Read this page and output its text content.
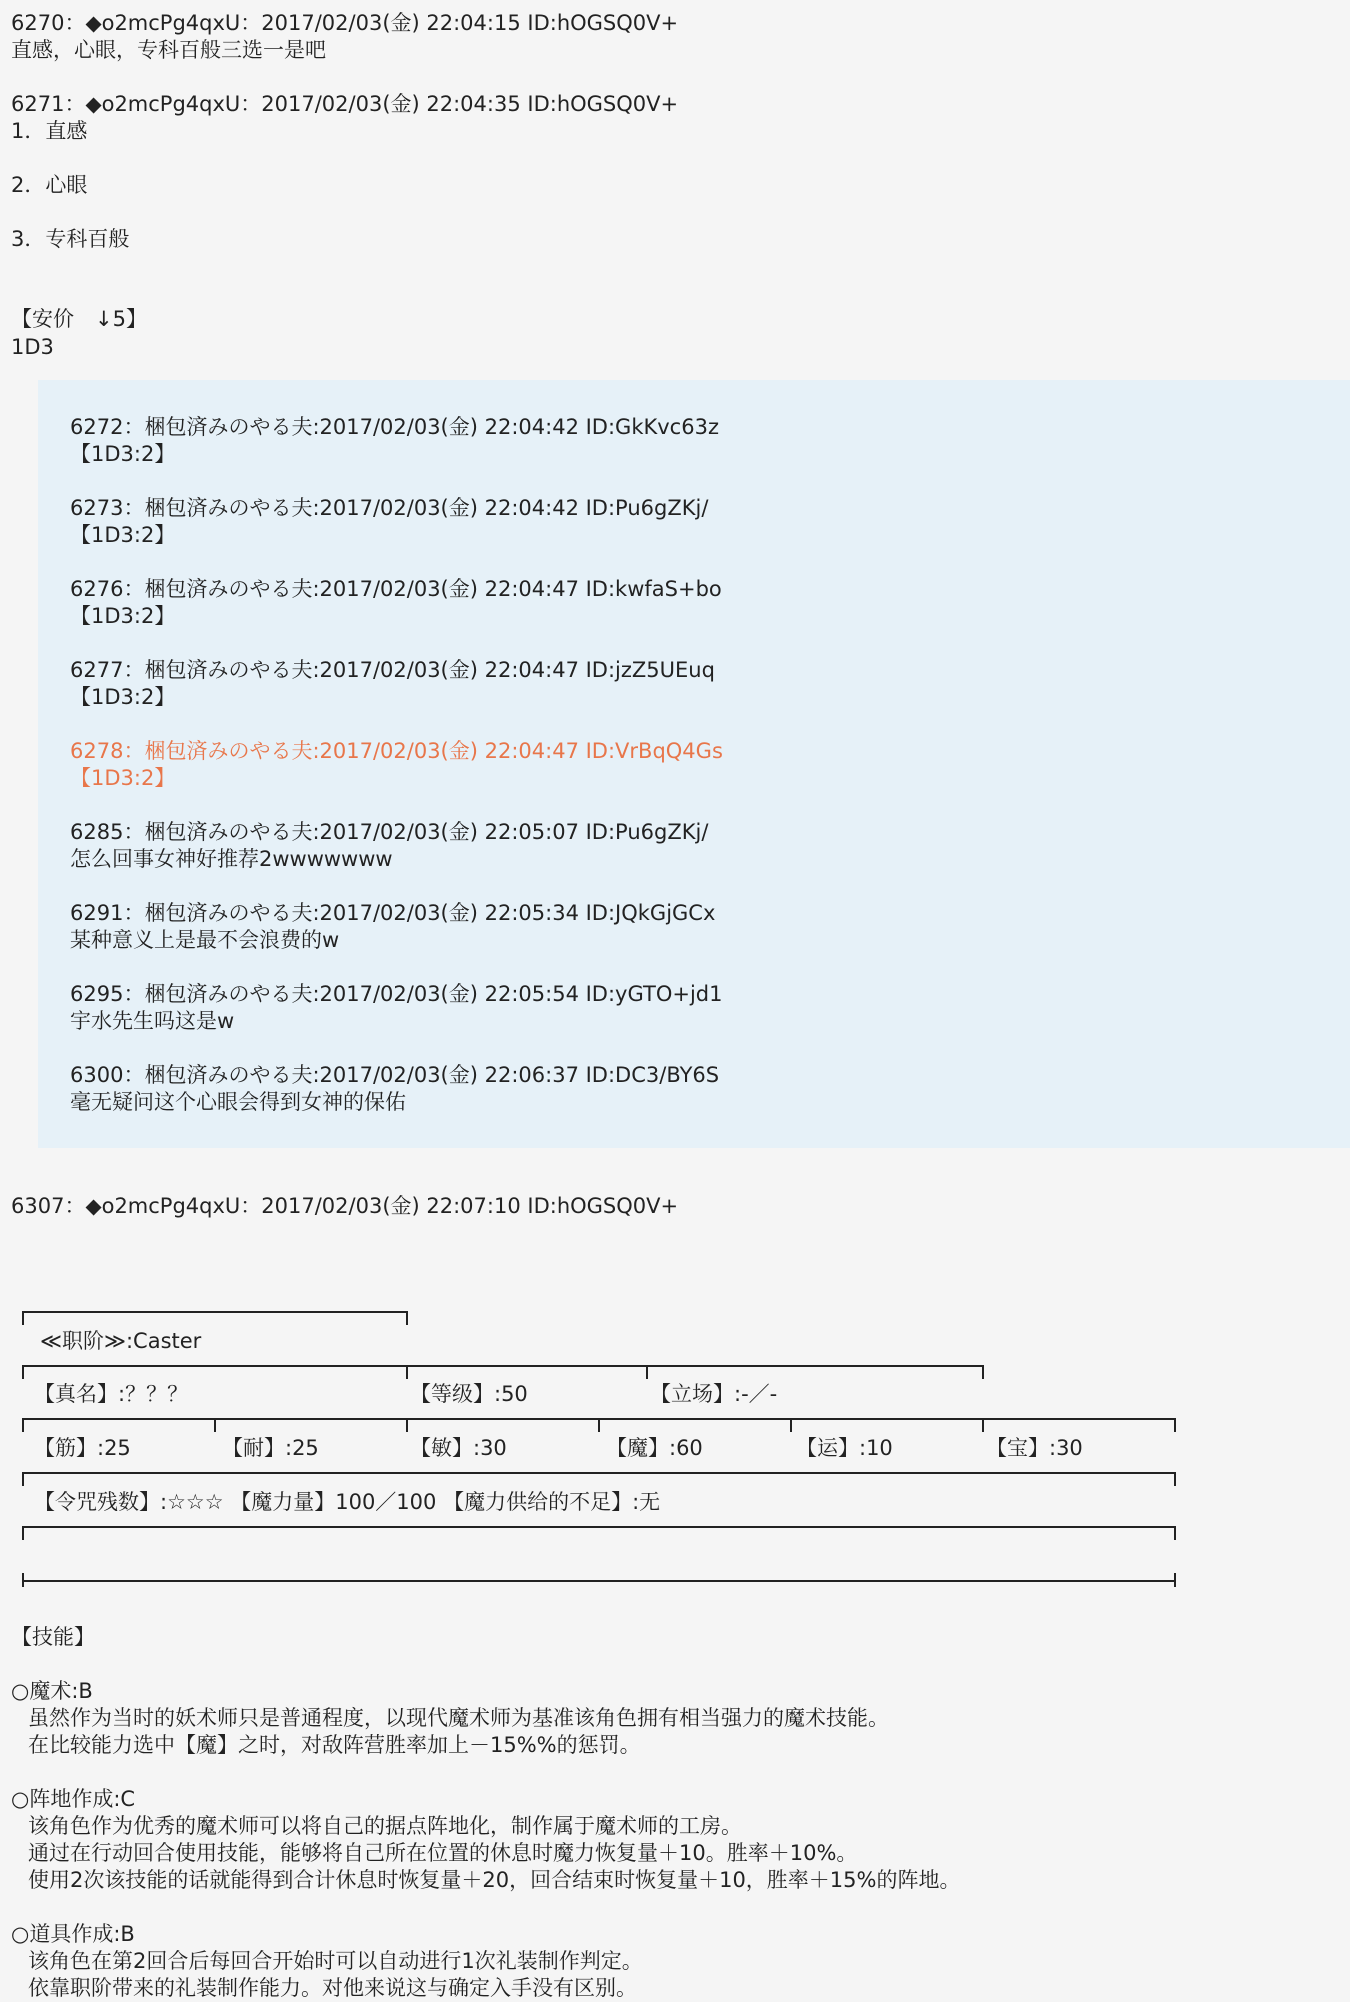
6270：◆o2mcPg4qxU：2017/02/03(金) 22:04:15 ID:hOGSQ0V+
直感，心眼，专科百般三选一是吧
6271：◆o2mcPg4qxU：2017/02/03(金) 22:04:35 ID:hOGSQ0V+
1．直感
2．心眼
3．专科百般
【安价　↓5】
1D3
6272：梱包済みのやる夫:2017/02/03(金) 22:04:42 ID:GkKvc63z
【1D3:2】
6273：梱包済みのやる夫:2017/02/03(金) 22:04:42 ID:Pu6gZKj/
【1D3:2】
6276：梱包済みのやる夫:2017/02/03(金) 22:04:47 ID:kwfaS+bo
【1D3:2】
6277：梱包済みのやる夫:2017/02/03(金) 22:04:47 ID:jzZ5UEuq
【1D3:2】
6278：梱包済みのやる夫:2017/02/03(金) 22:04:47 ID:VrBqQ4Gs
【1D3:2】
6285：梱包済みのやる夫:2017/02/03(金) 22:05:07 ID:Pu6gZKj/
怎么回事女神好推荐2wwwwwww
6291：梱包済みのやる夫:2017/02/03(金) 22:05:34 ID:JQkGjGCx
某种意义上是最不会浪费的w
6295：梱包済みのやる夫:2017/02/03(金) 22:05:54 ID:yGTO+jd1
宇水先生吗这是w
6300：梱包済みのやる夫:2017/02/03(金) 22:06:37 ID:DC3/BY6S
毫无疑问这个心眼会得到女神的保佑
6307：◆o2mcPg4qxU：2017/02/03(金) 22:07:10 ID:hOGSQ0V+
≪职阶≫:Caster
【真名】:？？？	【等级】:50	【立场】:-／-
【筋】:25	【耐】:25	【敏】:30	【魔】:60	【运】:10	【宝】:30
【令咒残数】:☆☆☆ 【魔力量】100／100 【魔力供给的不足】:无
【技能】
○魔术:B
虽然作为当时的妖术师只是普通程度，以现代魔术师为基准该角色拥有相当强力的魔术技能。
在比较能力选中【魔】之时，对敌阵营胜率加上－15%%的惩罚。
○阵地作成:C
该角色作为优秀的魔术师可以将自己的据点阵地化，制作属于魔术师的工房。
通过在行动回合使用技能，能够将自己所在位置的休息时魔力恢复量＋10。胜率＋10%。
使用2次该技能的话就能得到合计休息时恢复量＋20，回合结束时恢复量＋10，胜率＋15%的阵地。
○道具作成:B
该角色在第2回合后每回合开始时可以自动进行1次礼装制作判定。
依靠职阶带来的礼装制作能力。对他来说这与确定入手没有区别。
